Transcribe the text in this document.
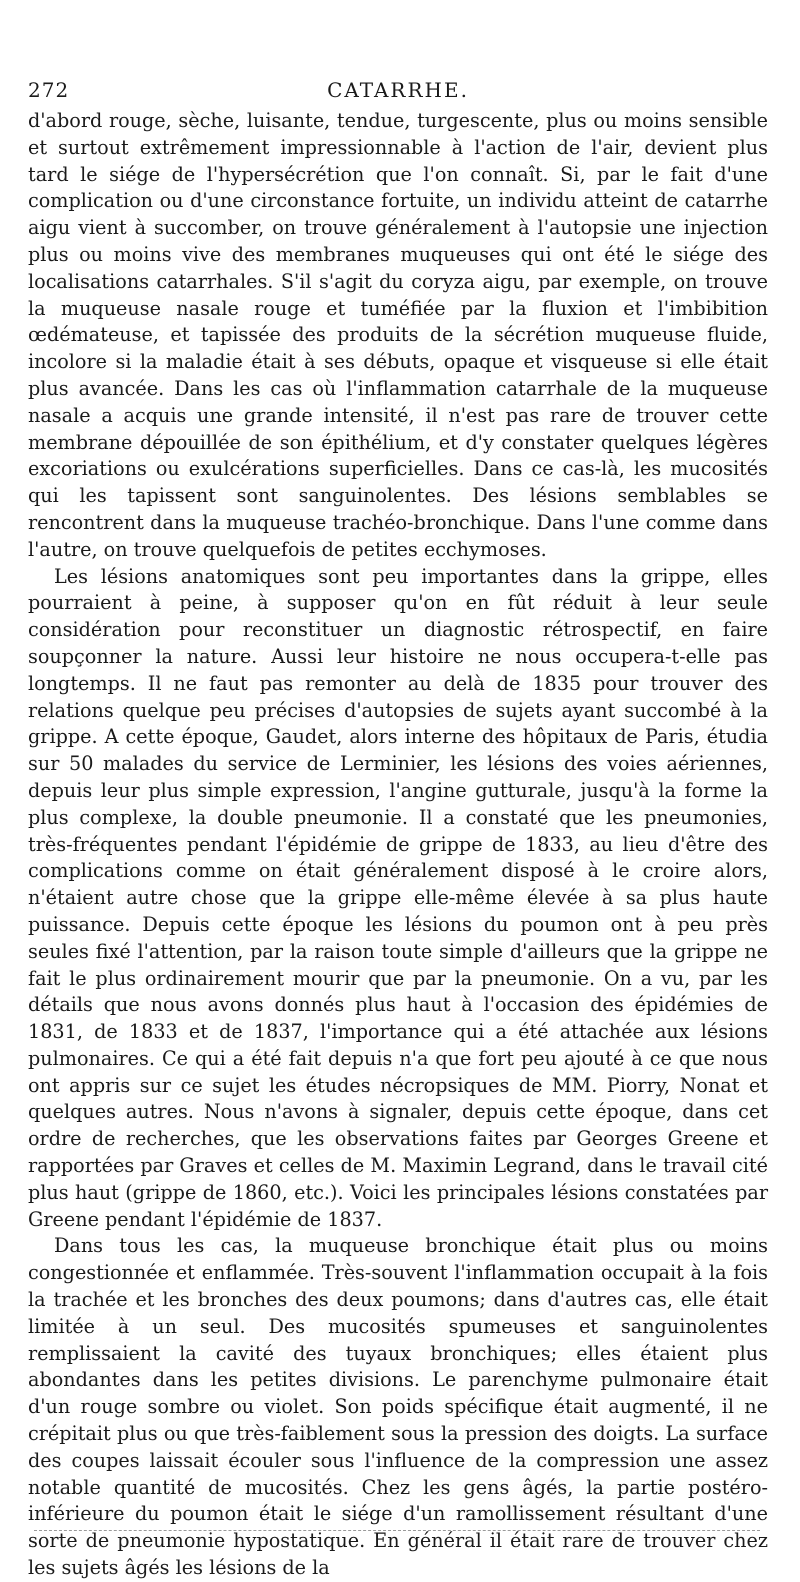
272	CATARRHE.

d'abord rouge, sèche, luisante, tendue, turgescente, plus ou moins sensible et surtout extrêmement impressionnable à l'action de l'air, devient plus tard le siége de l'hypersécrétion que l'on connaît. Si, par le fait d'une complication ou d'une circonstance fortuite, un individu atteint de catarrhe aigu vient à succomber, on trouve généralement à l'autopsie une injection plus ou moins vive des membranes muqueuses qui ont été le siége des localisations catarrhales. S'il s'agit du coryza aigu, par exemple, on trouve la muqueuse nasale rouge et tuméfiée par la fluxion et l'imbibition œdémateuse, et tapissée des produits de la sécrétion muqueuse fluide, incolore si la maladie était à ses débuts, opaque et visqueuse si elle était plus avancée. Dans les cas où l'inflammation catarrhale de la muqueuse nasale a acquis une grande intensité, il n'est pas rare de trouver cette membrane dépouillée de son épithélium, et d'y constater quelques légères excoriations ou exulcérations superficielles. Dans ce cas-là, les mucosités qui les tapissent sont sanguinolentes. Des lésions semblables se rencontrent dans la muqueuse trachéo-bronchique. Dans l'une comme dans l'autre, on trouve quelquefois de petites ecchymoses.

Les lésions anatomiques sont peu importantes dans la grippe, elles pourraient à peine, à supposer qu'on en fût réduit à leur seule considération pour reconstituer un diagnostic rétrospectif, en faire soupçonner la nature. Aussi leur histoire ne nous occupera-t-elle pas longtemps. Il ne faut pas remonter au delà de 1835 pour trouver des relations quelque peu précises d'autopsies de sujets ayant succombé à la grippe. A cette époque, Gaudet, alors interne des hôpitaux de Paris, étudia sur 50 malades du service de Lerminier, les lésions des voies aériennes, depuis leur plus simple expression, l'angine gutturale, jusqu'à la forme la plus complexe, la double pneumonie. Il a constaté que les pneumonies, très-fréquentes pendant l'épidémie de grippe de 1833, au lieu d'être des complications comme on était généralement disposé à le croire alors, n'étaient autre chose que la grippe elle-même élevée à sa plus haute puissance. Depuis cette époque les lésions du poumon ont à peu près seules fixé l'attention, par la raison toute simple d'ailleurs que la grippe ne fait le plus ordinairement mourir que par la pneumonie. On a vu, par les détails que nous avons donnés plus haut à l'occasion des épidémies de 1831, de 1833 et de 1837, l'importance qui a été attachée aux lésions pulmonaires. Ce qui a été fait depuis n'a que fort peu ajouté à ce que nous ont appris sur ce sujet les études nécropsiques de MM. Piorry, Nonat et quelques autres. Nous n'avons à signaler, depuis cette époque, dans cet ordre de recherches, que les observations faites par Georges Greene et rapportées par Graves et celles de M. Maximin Legrand, dans le travail cité plus haut (grippe de 1860, etc.). Voici les principales lésions constatées par Greene pendant l'épidémie de 1837.

Dans tous les cas, la muqueuse bronchique était plus ou moins congestionnée et enflammée. Très-souvent l'inflammation occupait à la fois la trachée et les bronches des deux poumons; dans d'autres cas, elle était limitée à un seul. Des mucosités spumeuses et sanguinolentes remplissaient la cavité des tuyaux bronchiques; elles étaient plus abondantes dans les petites divisions. Le parenchyme pulmonaire était d'un rouge sombre ou violet. Son poids spécifique était augmenté, il ne crépitait plus ou que très-faiblement sous la pression des doigts. La surface des coupes laissait écouler sous l'influence de la compression une assez notable quantité de mucosités. Chez les gens âgés, la partie postéro-inférieure du poumon était le siége d'un ramollissement résultant d'une sorte de pneumonie hypostatique. En général il était rare de trouver chez les sujets âgés les lésions de la
